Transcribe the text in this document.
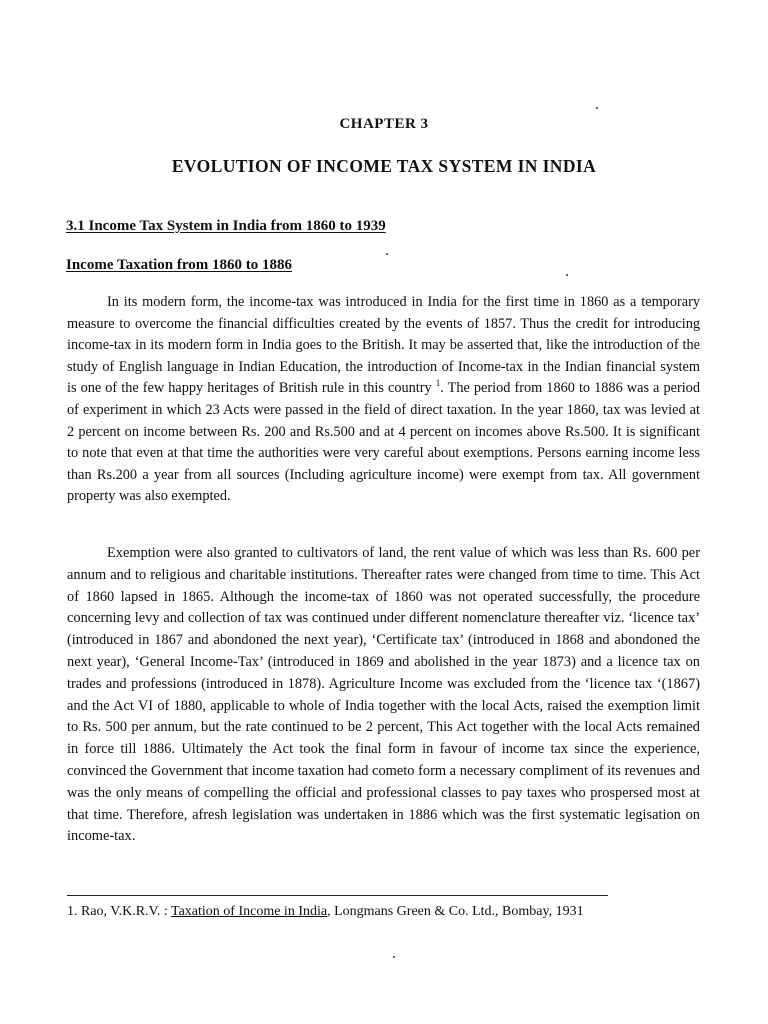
CHAPTER 3
EVOLUTION OF INCOME TAX SYSTEM IN INDIA
3.1 Income Tax System in India from 1860 to 1939
Income Taxation from 1860 to 1886

In its modern form, the income-tax was introduced in India for the first time in 1860 as a temporary measure to overcome the financial difficulties created by the events of 1857. Thus the credit for introducing income-tax in its modern form in India goes to the British. It may be asserted that, like the introduction of the study of English language in Indian Education, the introduction of Income-tax in the Indian financial system is one of the few happy heritages of British rule in this country $^1$. The period from 1860 to 1886 was a period of experiment in which 23 Acts were passed in the field of direct taxation. In the year 1860, tax was levied at 2 percent on income between Rs. 200 and Rs.500 and at 4 percent on incomes above Rs.500. It is significant to note that even at that time the authorities were very careful about exemptions. Persons earning income less than Rs.200 a year from all sources (Including agriculture income) were exempt from tax. All government property was also exempted.

Exemption were also granted to cultivators of land, the rent value of which was less than Rs. 600 per annum and to religious and charitable institutions. Thereafter rates were changed from time to time. This Act of 1860 lapsed in 1865. Although the income-tax of 1860 was not operated successfully, the procedure concerning levy and collection of tax was continued under different nomenclature thereafter viz. ‘licence tax’ (introduced in 1867 and abondoned the next year), ‘Certificate tax’ (introduced in 1868 and abondoned the next year), ‘General Income-Tax’ (introduced in 1869 and abolished in the year 1873) and a licence tax on trades and professions (introduced in 1878). Agriculture Income was excluded from the ‘licence tax ‘(1867) and the Act VI of 1880, applicable to whole of India together with the local Acts, raised the exemption limit to Rs. 500 per annum, but the rate continued to be 2 percent, This Act together with the local Acts remained in force till 1886. Ultimately the Act took the final form in favour of income tax since the experience, convinced the Government that income taxation had cometo form a necessary compliment of its revenues and was the only means of compelling the official and professional classes to pay taxes who prospersed most at that time. Therefore, afresh legislation was undertaken in 1886 which was the first systematic legisation on income-tax.

1. Rao, V.K.R.V. : Taxation of Income in India, Longmans Green & Co. Ltd., Bombay, 1931
